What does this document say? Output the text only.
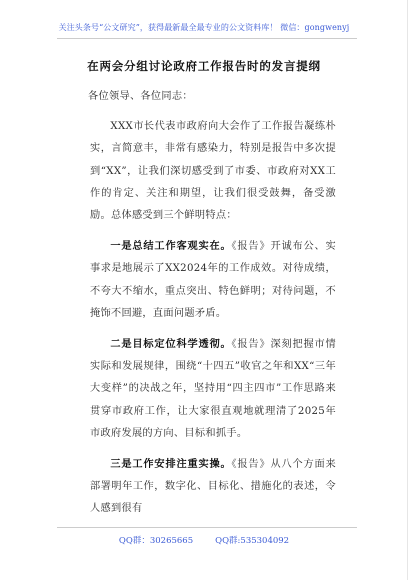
关注头条号“公文研究”，获得最新最全最专业的公文资料库！ 微信：gongwenyj
在两会分组讨论政府工作报告时的发言提纲

各位领导、各位同志：

XXX市长代表市政府向大会作了工作报告凝练朴实，言简意丰，非常有感染力，特别是报告中多次提到“XX”，让我们深切感受到了市委、市政府对XX工作的肯定、关注和期望，让我们很受鼓舞，备受激励。总体感受到三个鲜明特点：

一是总结工作客观实在。《报告》开诚布公、实事求是地展示了XX2024年的工作成效。对待成绩，不夸大不缩水，重点突出、特色鲜明；对待问题，不掩饰不回避，直面问题矛盾。

二是目标定位科学透彻。《报告》深刻把握市情实际和发展规律，围绕“十四五”收官之年和XX“三年大变样”的决战之年，坚持用“四主四市”工作思路来贯穿市政府工作，让大家很直观地就理清了2025年市政府发展的方向、目标和抓手。

三是工作安排注重实操。《报告》从八个方面来部署明年工作，数字化、目标化、措施化的表述，令人感到很有

QQ群：30265665	QQ群:535304092
